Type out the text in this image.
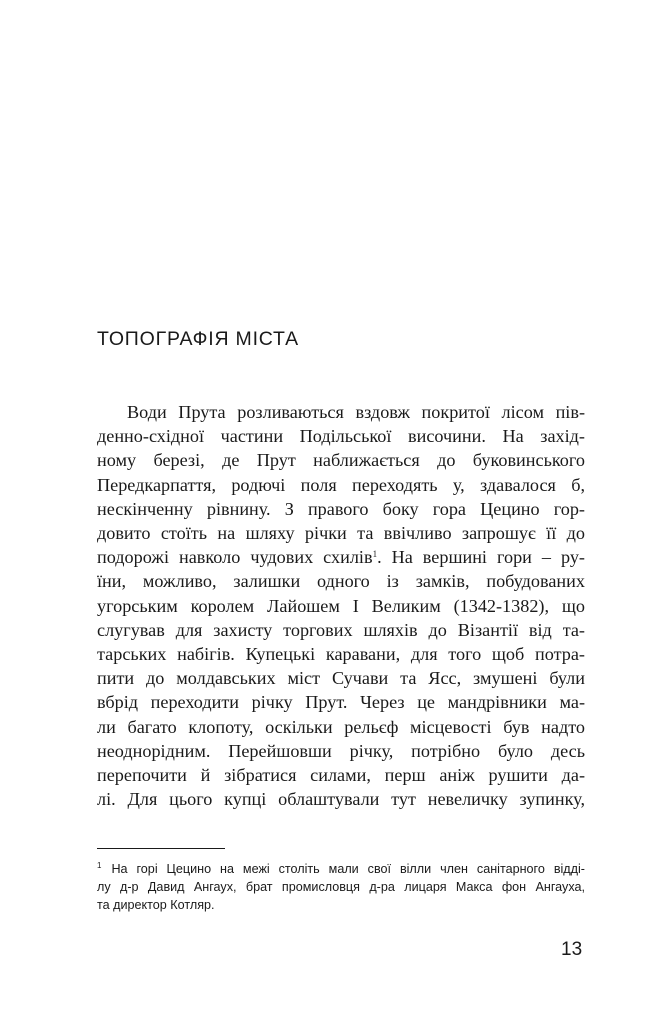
ТОПОГРАФІЯ МІСТА
Води Прута розливаються вздовж покритої лісом пів-
денно-східної частини Подільської височини. На захід-
ному березі, де Прут наближається до буковинського
Передкарпаття, родючі поля переходять у, здавалося б,
нескінченну рівнину. З правого боку гора Цецино гор-
довито стоїть на шляху річки та ввічливо запрошує її до
подорожі навколо чудових схилів$^1$. На вершині гори – ру-
їни, можливо, залишки одного із замків, побудованих
угорським королем Лайошем І Великим (1342-1382), що
слугував для захисту торгових шляхів до Візантії від та-
тарських набігів. Купецькі каравани, для того щоб потра-
пити до молдавських міст Сучави та Ясс, змушені були
вбрід переходити річку Прут. Через це мандрівники ма-
ли багато клопоту, оскільки рельєф місцевості був надто
неоднорідним. Перейшовши річку, потрібно було десь
перепочити й зібратися силами, перш аніж рушити да-
лі. Для цього купці облаштували тут невеличку зупинку,
$^1$ На горі Цецино на межі століть мали свої вілли член санітарного відді-
лу д-р Давид Ангаух, брат промисловця д-ра лицаря Макса фон Ангауха,
та директор Котляр.
13
